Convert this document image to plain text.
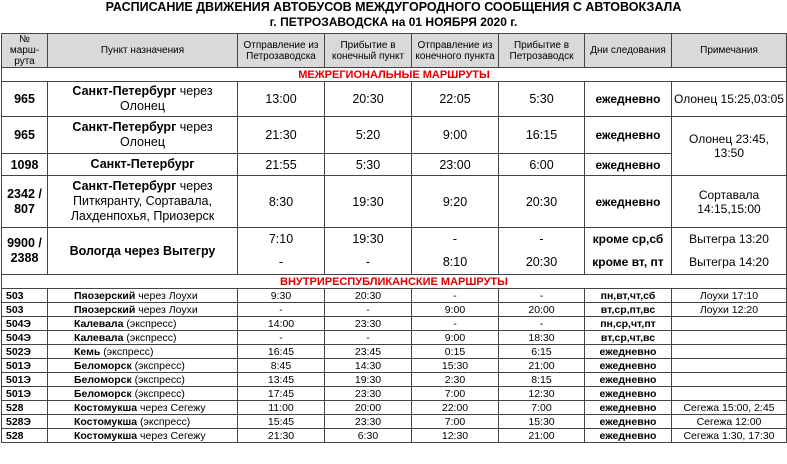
РАСПИСАНИЕ ДВИЖЕНИЯ АВТОБУСОВ МЕЖДУГОРОДНОГО СООБЩЕНИЯ С АВТОВОКЗАЛА
г. ПЕТРОЗАВОДСКА на 01 НОЯБРЯ 2020 г.
№ марш-рута	Пункт назначения	Отправление из Петрозаводска	Прибытие в конечный пункт	Отправление из конечного пункта	Прибытие в Петрозаводск	Дни следования	Примечания
МЕЖРЕГИОНАЛЬНЫЕ МАРШРУТЫ							
965	Санкт-Петербург через Олонец	13:00	20:30	22:05	5:30	ежедневно	Олонец 15:25,03:05
965	Санкт-Петербург через Олонец	21:30	5:20	9:00	16:15	ежедневно	Олонец 23:45, 13:50
1098	Санкт-Петербург	21:55	5:30	23:00	6:00	ежедневно	
2342 / 807	Санкт-Петербург через Питкяранту, Сортавала, Лахденпохья, Приозерск	8:30	19:30	9:20	20:30	ежедневно	Сортавала 14:15,15:00
9900 / 2388	Вологда через Вытегру	7:10	19:30	-	-	кроме ср,сб	Вытегра 13:20
		-	-	8:10	20:30	кроме вт, пт	Вытегра 14:20
ВНУТРИРЕСПУБЛИКАНСКИЕ МАРШРУТЫ							
503	Пяозерский через Лоухи	9:30	20:30	-	-	пн,вт,чт,сб	Лоухи 17:10
503	Пяозерский через Лоухи	-	-	9:00	20:00	вт,ср,пт,вс	Лоухи 12:20
504Э	Калевала (экспресс)	14:00	23:30	-	-	пн,ср,чт,пт	
504Э	Калевала (экспресс)	-	-	9:00	18:30	вт,ср,чт,вс	
502Э	Кемь (экспресс)	16:45	23:45	0:15	6:15	ежедневно	
501Э	Беломорск (экспресс)	8:45	14:30	15:30	21:00	ежедневно	
501Э	Беломорск (экспресс)	13:45	19:30	2:30	8:15	ежедневно	
501Э	Беломорск (экспресс)	17:45	23:30	7:00	12:30	ежедневно	
528	Костомукша через Сегежу	11:00	20:00	22:00	7:00	ежедневно	Сегежа 15:00, 2:45
528Э	Костомукша (экспресс)	15:45	23:30	7:00	15:30	ежедневно	Сегежа 12:00
528	Костомукша через Сегежу	21:30	6:30	12:30	21:00	ежедневно	Сегежа 1:30, 17:30
